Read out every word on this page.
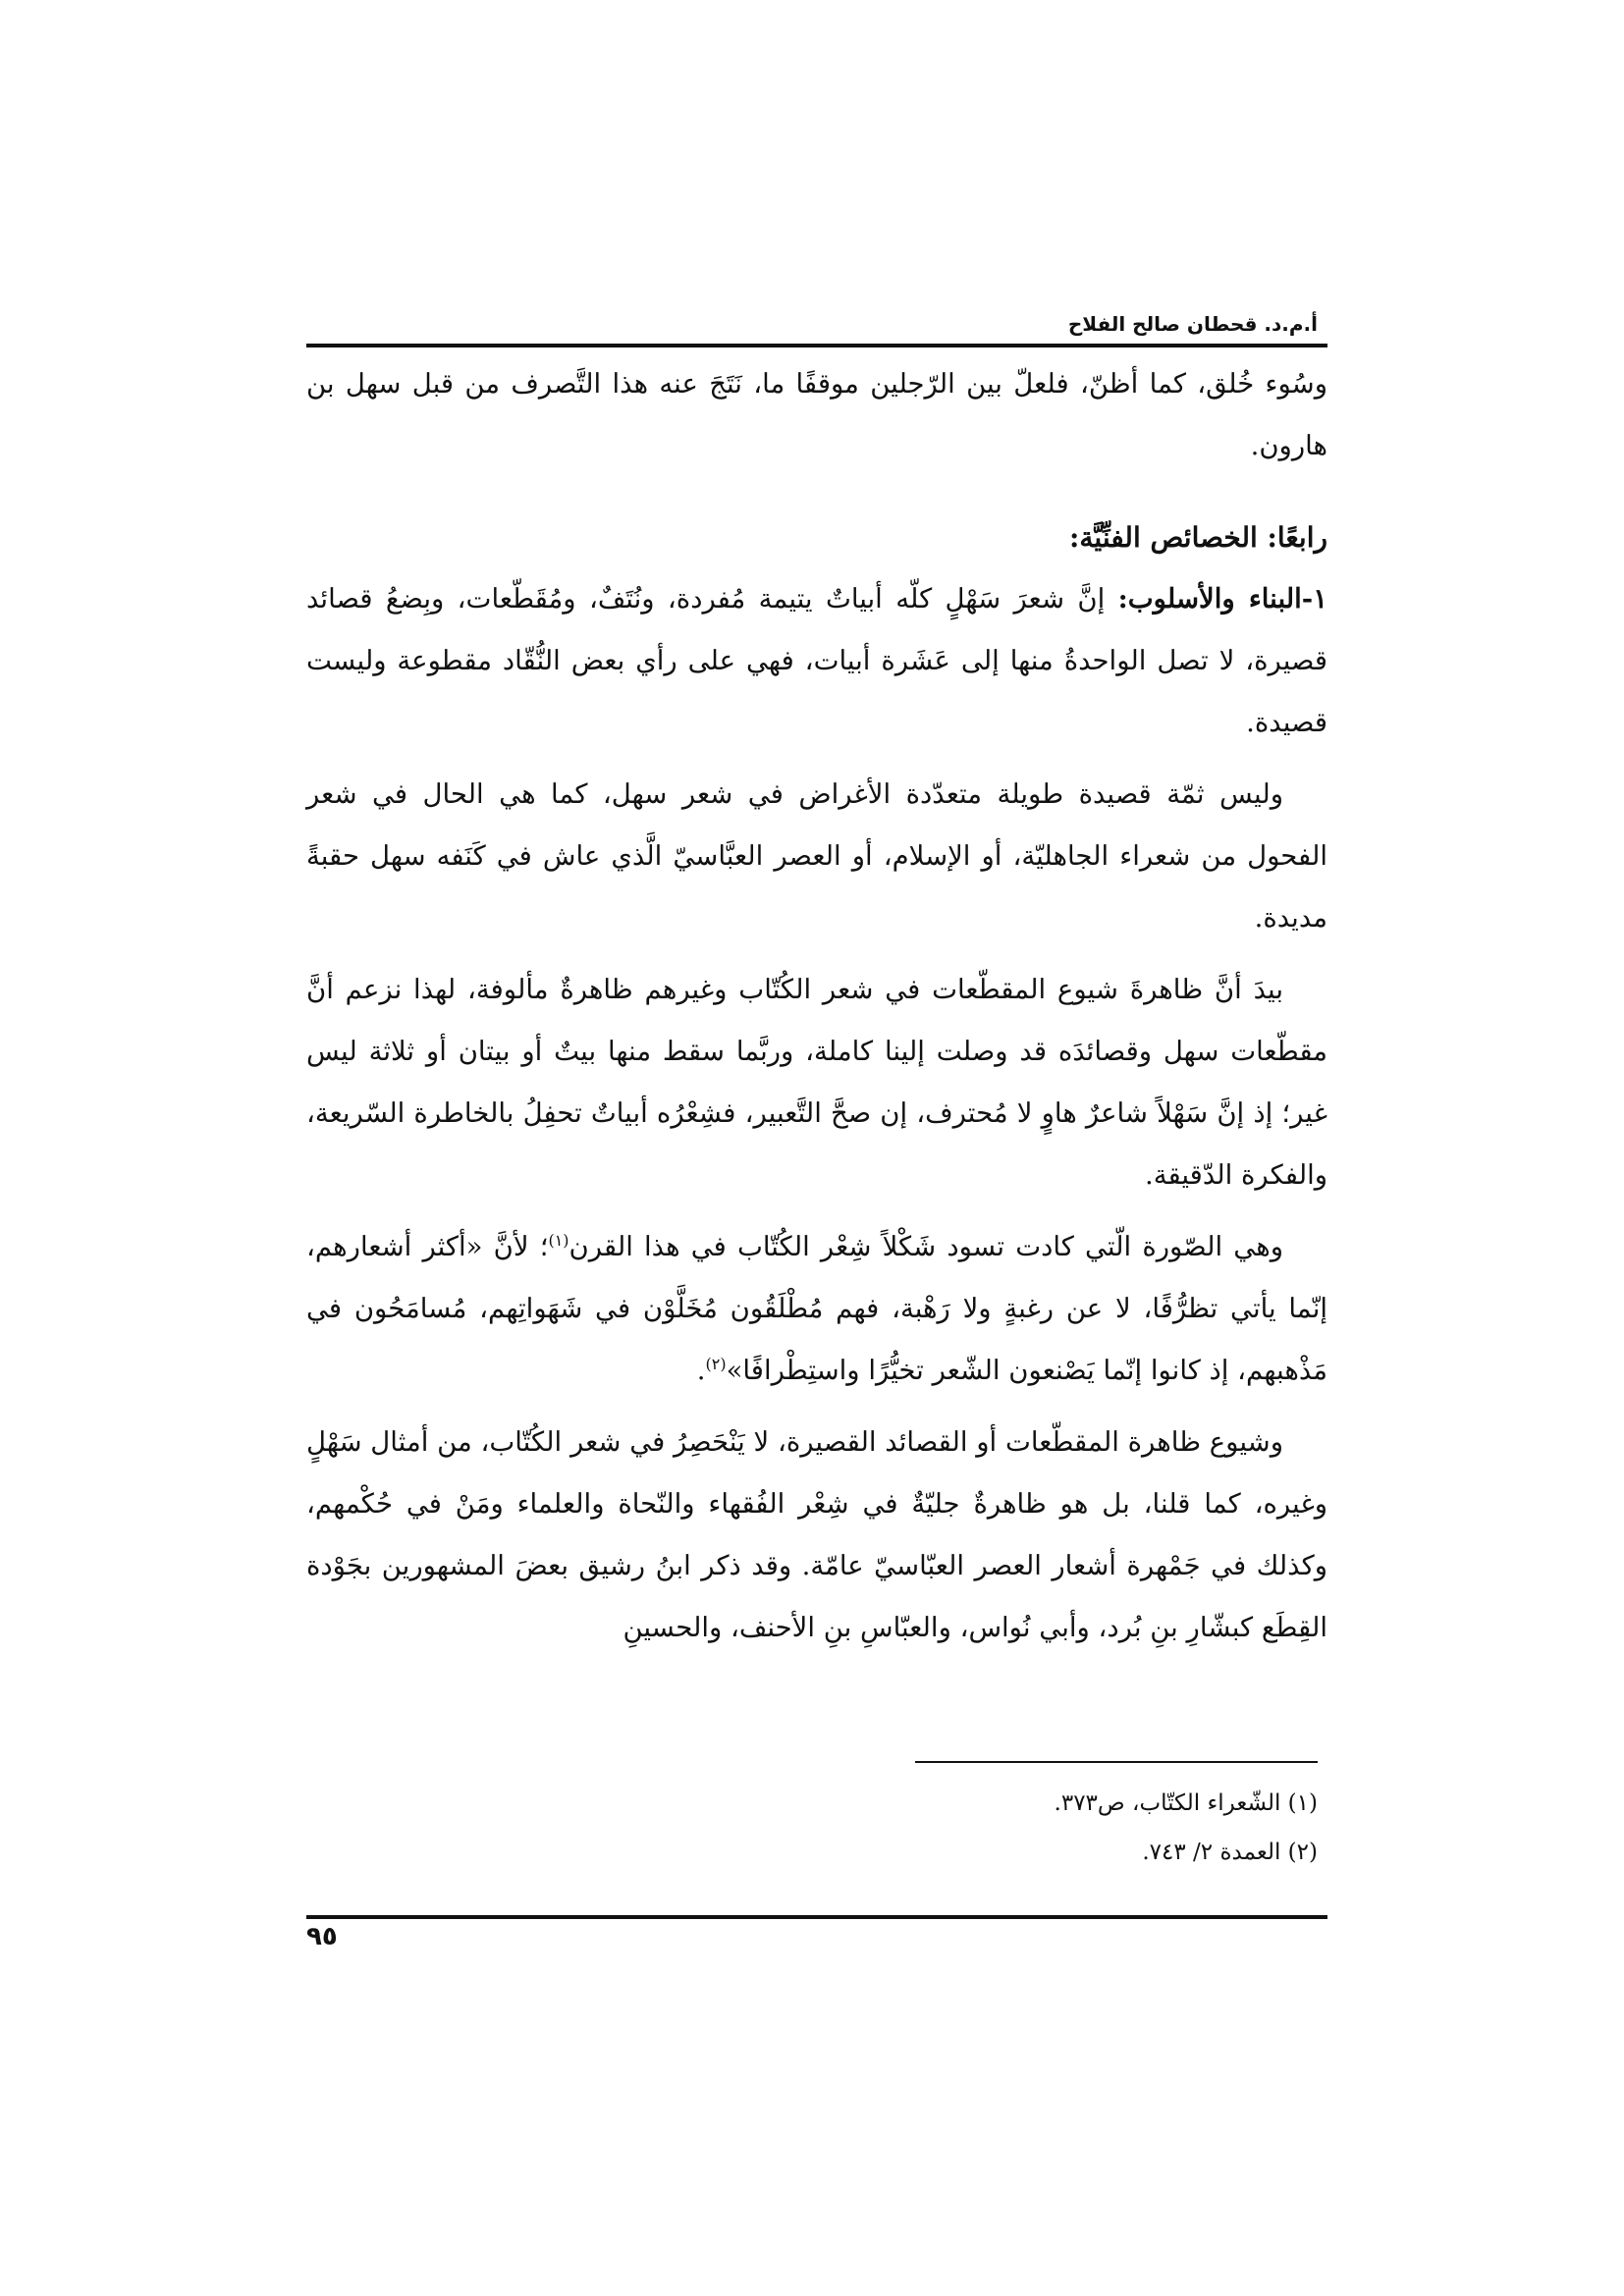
أ.م.د. قحطان صالح الفلاح

وسُوء خُلق، كما أظنّ، فلعلّ بين الرّجلين موقفًا ما، نَتَجَ عنه هذا التَّصرف من قبل سهل بن هارون.

رابعًا: الخصائص الفنِّيَّة:

١-البناء والأسلوب: إنَّ شعرَ سَهْلٍ كلّه أبياتٌ يتيمة مُفردة، ونُتَفٌ، ومُقَطّعات، وبِضعُ قصائد قصيرة، لا تصل الواحدةُ منها إلى عَشَرة أبيات، فهي على رأي بعض النُّقّاد مقطوعة وليست قصيدة.

وليس ثمّة قصيدة طويلة متعدّدة الأغراض في شعر سهل، كما هي الحال في شعر الفحول من شعراء الجاهليّة، أو الإسلام، أو العصر العبَّاسيّ الَّذي عاش في كَنَفه سهل حقبةً مديدة.

بيدَ أنَّ ظاهرةَ شيوع المقطّعات في شعر الكُتّاب وغيرهم ظاهرةٌ مألوفة، لهذا نزعم أنَّ مقطّعات سهل وقصائدَه قد وصلت إلينا كاملة، وربَّما سقط منها بيتٌ أو بيتان أو ثلاثة ليس غير؛ إذ إنَّ سَهْلاً شاعرٌ هاوٍ لا مُحترف، إن صحَّ التَّعبير، فشِعْرُه أبياتٌ تحفِلُ بالخاطرة السّريعة، والفكرة الدّقيقة.

وهي الصّورة الّتي كادت تسود شَكْلاً شِعْر الكُتّاب في هذا القرن$^{(١)}$؛ لأنَّ «أكثر أشعارهم، إنّما يأتي تظرُّفًا، لا عن رغبةٍ ولا رَهْبة، فهم مُطْلَقُون مُخَلَّوْن في شَهَواتِهم، مُسامَحُون في مَذْهبهم، إذ كانوا إنّما يَصْنعون الشّعر تخيُّرًا واستِطْرافًا»$^{(٢)}$.

وشيوع ظاهرة المقطّعات أو القصائد القصيرة، لا يَنْحَصِرُ في شعر الكُتّاب، من أمثال سَهْلٍ وغيره، كما قلنا، بل هو ظاهرةٌ جليّةٌ في شِعْر الفُقهاء والنّحاة والعلماء ومَنْ في حُكْمهم، وكذلك في جَمْهرة أشعار العصر العبّاسيّ عامّة. وقد ذكر ابنُ رشيق بعضَ المشهورين بجَوْدة القِطَع كبشّارِ بنِ بُرد، وأبي نُواس، والعبّاسِ بنِ الأحنف، والحسينِ

(١) الشّعراء الكتّاب، ص٣٧٣.
(٢) العمدة ٢/ ٧٤٣.
٩٥
